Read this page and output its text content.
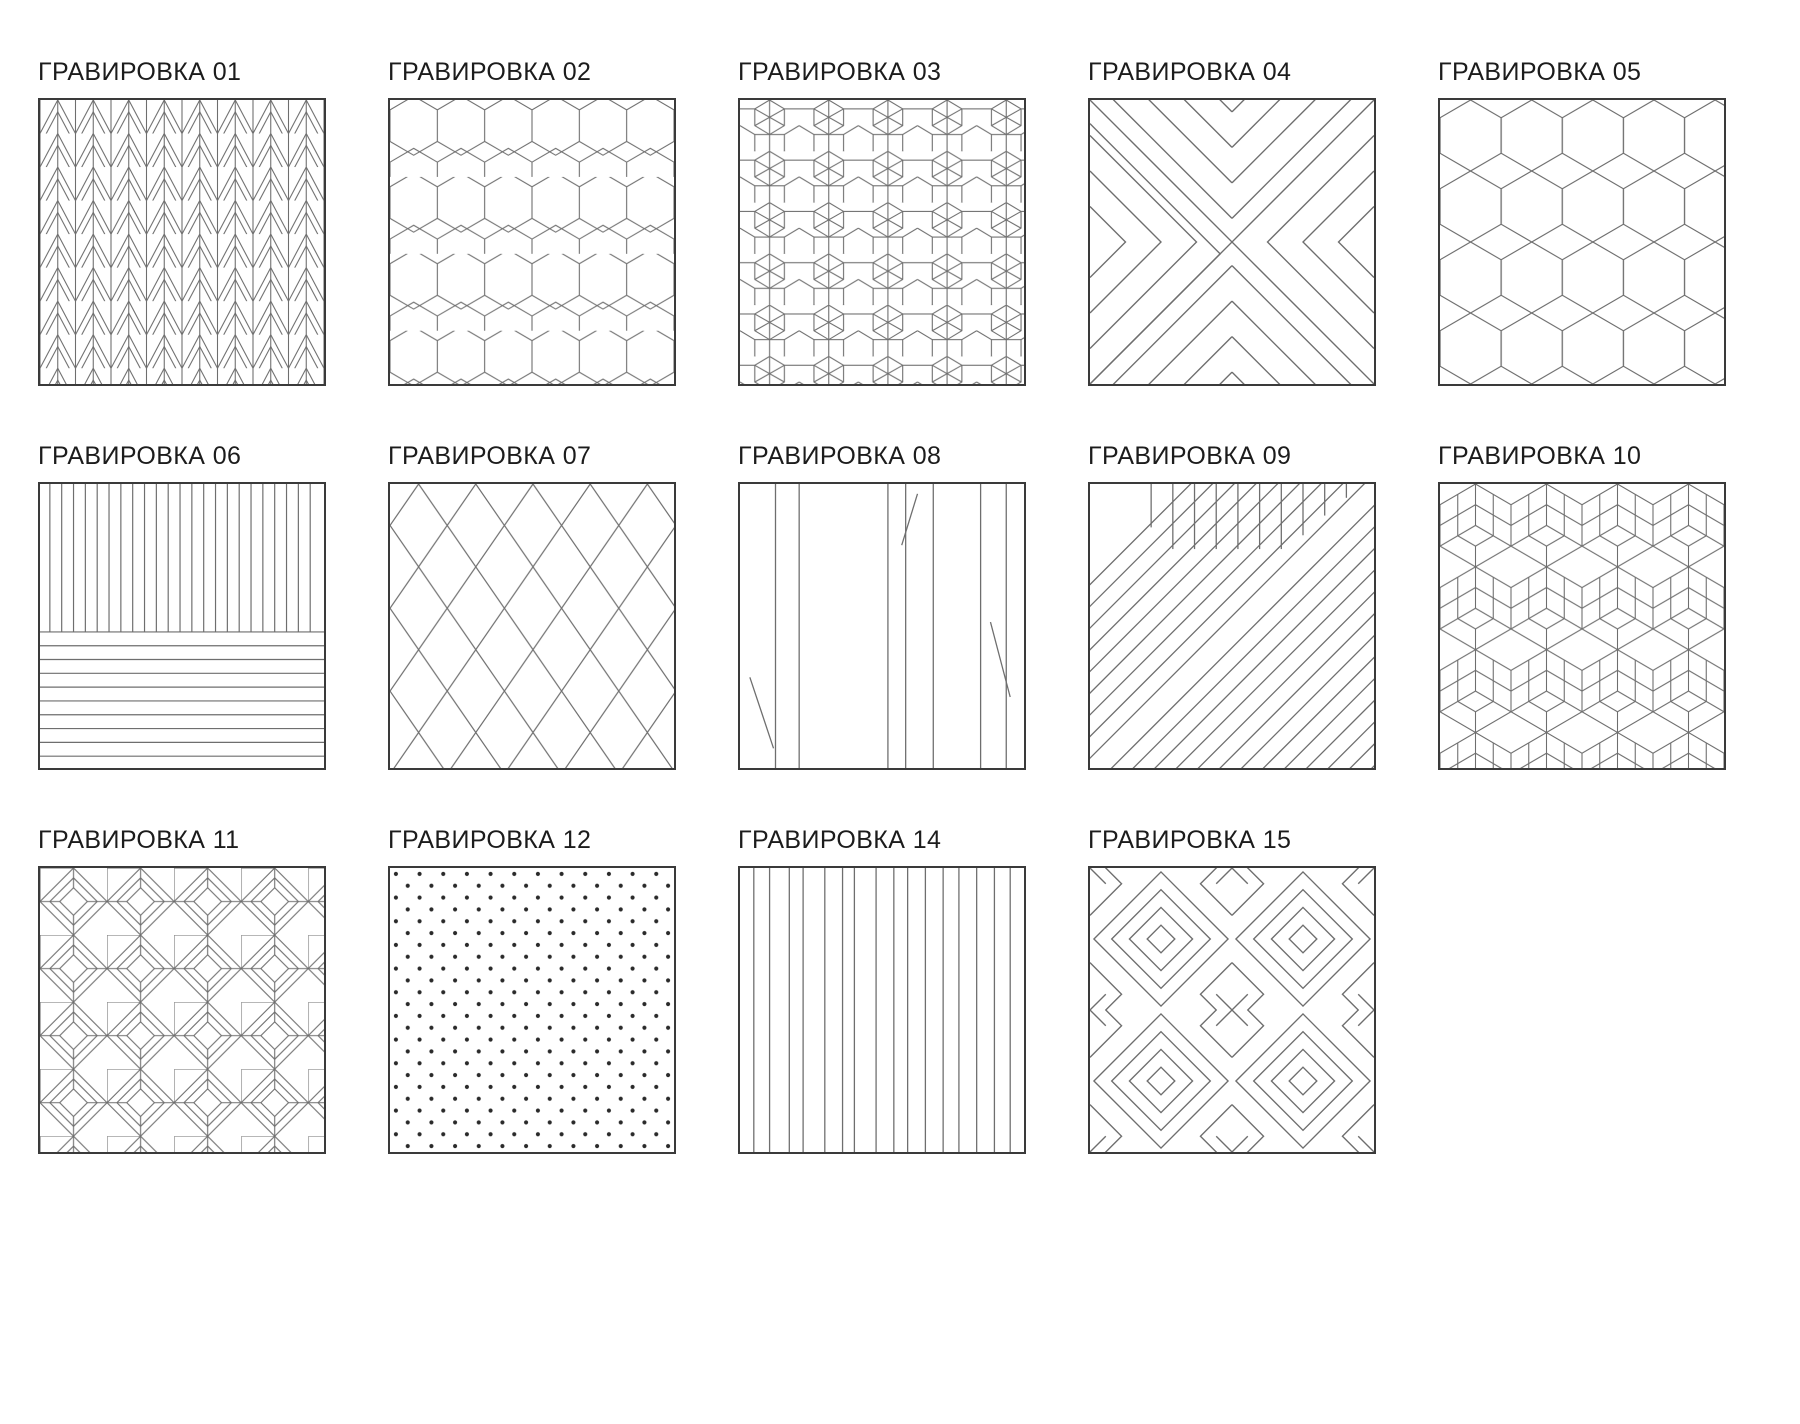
ГРАВИРОВКА 01	ГРАВИРОВКА 02	ГРАВИРОВКА 03	ГРАВИРОВКА 04	ГРАВИРОВКА 05
ГРАВИРОВКА 06	ГРАВИРОВКА 07	ГРАВИРОВКА 08	ГРАВИРОВКА 09	ГРАВИРОВКА 10
ГРАВИРОВКА 11	ГРАВИРОВКА 12	ГРАВИРОВКА 14	ГРАВИРОВКА 15
